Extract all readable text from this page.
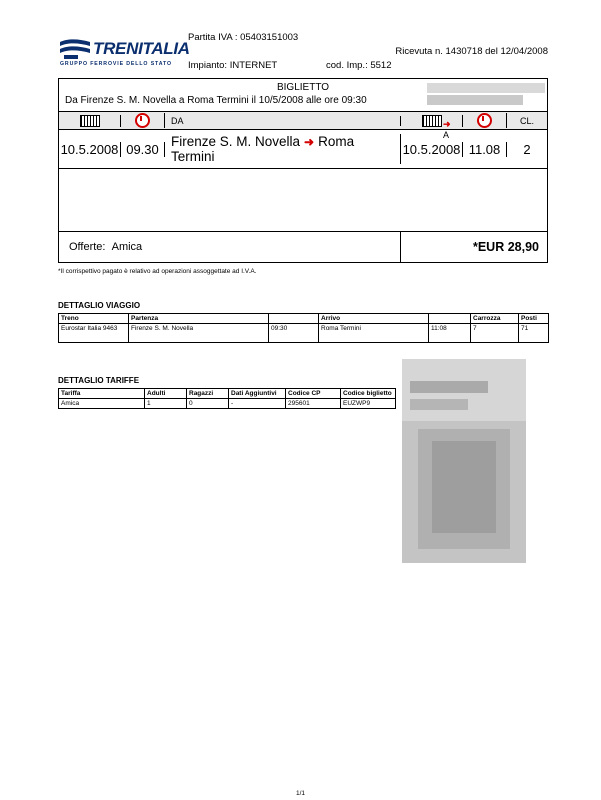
TRENITALIA
GRUPPO FERROVIE DELLO STATO
Partita IVA : 05403151003
Impianto: INTERNET	cod. Imp.: 5512
Ricevuta n. 1430718 del 12/04/2008
BIGLIETTO
Da Firenze S. M. Novella a Roma Termini il 10/5/2008 alle ore 09:30
DA	➜ A
CL.
10.5.2008 09.30 Firenze S. M. Novella ➜ Roma Termini	10.5.2008 11.08	2
Offerte:
Amica	*EUR 28,90
*Il corrispettivo pagato è relativo ad operazioni assoggettate ad I.V.A.
DETTAGLIO VIAGGIO
Treno	Partenza		Arrivo		Carrozza	Posti
Eurostar Italia 9463	Firenze S. M. Novella	09:30	Roma Termini	11:08	7	71
DETTAGLIO TARIFFE
Tariffa	Adulti	Ragazzi	Dati Aggiuntivi	Codice CP	Codice biglietto
Amica	1	0	-	295601	EUZWP9
1/1
